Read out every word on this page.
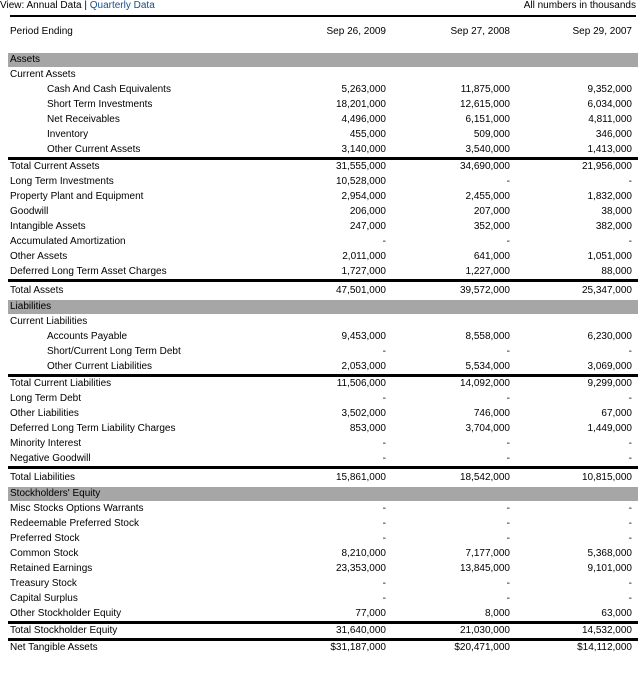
View: Annual Data | Quarterly Data	All numbers in thousands
Period Ending	Sep 26, 2009	Sep 27, 2008	Sep 29, 2007

Assets			
Current Assets			
Cash And Cash Equivalents	5,263,000	11,875,000	9,352,000
Short Term Investments	18,201,000	12,615,000	6,034,000
Net Receivables	4,496,000	6,151,000	4,811,000
Inventory	455,000	509,000	346,000
Other Current Assets	3,140,000	3,540,000	1,413,000
Total Current Assets	31,555,000	34,690,000	21,956,000
Long Term Investments	10,528,000	-	-
Property Plant and Equipment	2,954,000	2,455,000	1,832,000
Goodwill	206,000	207,000	38,000
Intangible Assets	247,000	352,000	382,000
Accumulated Amortization	-	-	-
Other Assets	2,011,000	641,000	1,051,000
Deferred Long Term Asset Charges	1,727,000	1,227,000	88,000
Total Assets	47,501,000	39,572,000	25,347,000
Liabilities			
Current Liabilities			
Accounts Payable	9,453,000	8,558,000	6,230,000
Short/Current Long Term Debt	-	-	-
Other Current Liabilities	2,053,000	5,534,000	3,069,000
Total Current Liabilities	11,506,000	14,092,000	9,299,000
Long Term Debt	-	-	-
Other Liabilities	3,502,000	746,000	67,000
Deferred Long Term Liability Charges	853,000	3,704,000	1,449,000
Minority Interest	-	-	-
Negative Goodwill	-	-	-
Total Liabilities	15,861,000	18,542,000	10,815,000
Stockholders' Equity			
Misc Stocks Options Warrants	-	-	-
Redeemable Preferred Stock	-	-	-
Preferred Stock	-	-	-
Common Stock	8,210,000	7,177,000	5,368,000
Retained Earnings	23,353,000	13,845,000	9,101,000
Treasury Stock	-	-	-
Capital Surplus	-	-	-
Other Stockholder Equity	77,000	8,000	63,000
Total Stockholder Equity	31,640,000	21,030,000	14,532,000
Net Tangible Assets	$31,187,000	$20,471,000	$14,112,000
